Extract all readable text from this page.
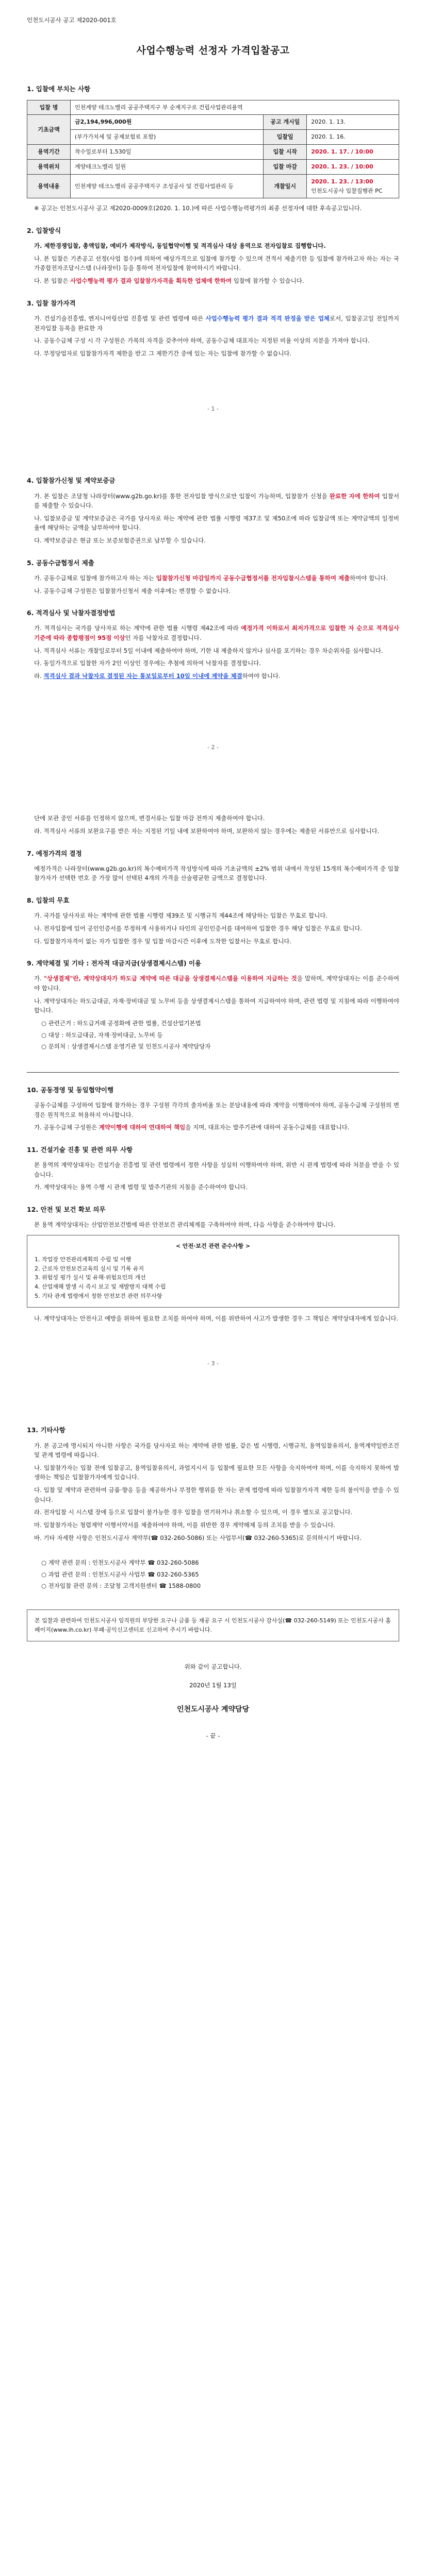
인천도시공사 공고 제2020-001호
사업수행능력 선정자 가격입찰공고
1. 입찰에 부치는 사항
입찰 명	인천계양 테크노밸리 공공주택지구 부 순계지구로 건립사업관리용역		
기초금액	금2,194,996,000원	공고 개시일	2020. 1. 13.
	(부가가치세 및 공제보험료 포함)	입찰일	2020. 1. 16.
용역기간	착수일로부터 1,530일	입찰 시작	2020. 1. 17. / 10:00
용역위치	계양테크노밸리 일원	입찰 마감	2020. 1. 23. / 10:00
용역내용	인천계양 테크노밸리 공공주택지구 조성공사 및 건립사업관리 등	개찰일시	2020. 1. 23. / 13:00
인천도시공사 입찰집행관 PC
※ 공고는 인천도시공사 공고 제2020-0009호(2020. 1. 10.)에 따른 사업수행능력평가의 최종 선정자에 대한 후속공고입니다.
2. 입찰방식
가. 제한경쟁입찰, 총액입찰, 예비가 제작방식, 동일협약이행 및 적격심사 대상 용역으로 전자입찰로 집행합니다.
나. 본 입찰은 기존공고 선정(사업 접수)에 의하여 예상가격으로 입찰에 참가할 수 있으며 견적서 제출기한 등 입찰에 참가하고자 하는 자는 국가종합전자조달시스템 (나라장터) 등을 통하여 전자입찰에 참여하시기 바랍니다.
다. 본 입찰은 사업수행능력 평가 결과 입찰참가자격을 획득한 업체에 한하여 입찰에 참가할 수 있습니다.
3. 입찰 참가자격
가. 건설기술진흥법, 엔지니어링산업 진흥법 및 관련 법령에 따른 사업수행능력 평가 결과 적격 판정을 받은 업체로서, 입찰공고일 전일까지 전자입찰 등록을 완료한 자
나. 공동수급체 구성 시 각 구성원은 가목의 자격을 갖추어야 하며, 공동수급체 대표자는 지정된 비율 이상의 지분을 가져야 합니다.
다. 부정당업자로 입찰참가자격 제한을 받고 그 제한기간 중에 있는 자는 입찰에 참가할 수 없습니다.
- 1 -
4. 입찰참가신청 및 계약보증금
가. 본 입찰은 조달청 나라장터(www.g2b.go.kr)를 통한 전자입찰 방식으로만 입찰이 가능하며, 입찰참가 신청을 완료한 자에 한하여 입찰서를 제출할 수 있습니다.
나. 입찰보증금 및 계약보증금은 국가를 당사자로 하는 계약에 관한 법률 시행령 제37조 및 제50조에 따라 입찰금액 또는 계약금액의 일정비율에 해당하는 금액을 납부하여야 합니다.
다. 계약보증금은 현금 또는 보증보험증권으로 납부할 수 있습니다.
5. 공동수급협정서 제출
가. 공동수급체로 입찰에 참가하고자 하는 자는 입찰참가신청 마감일까지 공동수급협정서를 전자입찰시스템을 통하여 제출하여야 합니다.
나. 공동수급체 구성원은 입찰참가신청서 제출 이후에는 변경할 수 없습니다.
6. 적격심사 및 낙찰자결정방법
가. 적격심사는 국가를 당사자로 하는 계약에 관한 법률 시행령 제42조에 따라 예정가격 이하로서 최저가격으로 입찰한 자 순으로 적격심사 기준에 따라 종합평점이 95점 이상인 자를 낙찰자로 결정합니다.
나. 적격심사 서류는 개찰일로부터 5일 이내에 제출하여야 하며, 기한 내 제출하지 않거나 심사를 포기하는 경우 차순위자를 심사합니다.
다. 동일가격으로 입찰한 자가 2인 이상인 경우에는 추첨에 의하여 낙찰자를 결정합니다.
라. 적격심사 결과 낙찰자로 결정된 자는 통보일로부터 10일 이내에 계약을 체결하여야 합니다.
- 2 -
단에 보관 중인 서류를 인정하지 않으며, 변경서류는 입찰 마감 전까지 제출하여야 합니다.
라. 적격심사 서류의 보완요구를 받은 자는 지정된 기일 내에 보완하여야 하며, 보완하지 않는 경우에는 제출된 서류만으로 심사합니다.
7. 예정가격의 결정
예정가격은 나라장터(www.g2b.go.kr)의 복수예비가격 작성방식에 따라 기초금액의 ±2% 범위 내에서 작성된 15개의 복수예비가격 중 입찰참가자가 선택한 번호 중 가장 많이 선택된 4개의 가격을 산술평균한 금액으로 결정합니다.
8. 입찰의 무효
가. 국가를 당사자로 하는 계약에 관한 법률 시행령 제39조 및 시행규칙 제44조에 해당하는 입찰은 무효로 합니다.
나. 전자입찰에 있어 공인인증서를 부정하게 사용하거나 타인의 공인인증서를 대여하여 입찰한 경우 해당 입찰은 무효로 합니다.
다. 입찰참가자격이 없는 자가 입찰한 경우 및 입찰 마감시간 이후에 도착한 입찰서는 무효로 합니다.
9. 계약체결 및 기타 : 전자적 대금지급(상생결제시스템) 이용
가. "상생결제"란, 계약상대자가 하도급 계약에 따른 대금을 상생결제시스템을 이용하여 지급하는 것을 말하며, 계약상대자는 이를 준수하여야 합니다.
나. 계약상대자는 하도급대금, 자재·장비대금 및 노무비 등을 상생결제시스템을 통하여 지급하여야 하며, 관련 법령 및 지침에 따라 이행하여야 합니다.
○ 관련근거 : 하도급거래 공정화에 관한 법률, 건설산업기본법
○ 대상 : 하도급대금, 자재·장비대금, 노무비 등
○ 문의처 : 상생결제시스템 운영기관 및 인천도시공사 계약담당자
10. 공동경영 및 동일협약이행
공동수급체를 구성하여 입찰에 참가하는 경우 구성원 각각의 출자비율 또는 분담내용에 따라 계약을 이행하여야 하며, 공동수급체 구성원의 변경은 원칙적으로 허용하지 아니합니다.
가. 공동수급체 구성원은 계약이행에 대하여 연대하여 책임을 지며, 대표자는 발주기관에 대하여 공동수급체를 대표합니다.
11. 건설기술 진흥 및 관련 의무 사항
본 용역의 계약상대자는 건설기술 진흥법 및 관련 법령에서 정한 사항을 성실히 이행하여야 하며, 위반 시 관계 법령에 따라 처분을 받을 수 있습니다.
가. 계약상대자는 용역 수행 시 관계 법령 및 발주기관의 지침을 준수하여야 합니다.
12. 안전 및 보건 확보 의무
본 용역 계약상대자는 산업안전보건법에 따른 안전보건 관리체계를 구축하여야 하며, 다음 사항을 준수하여야 합니다.
< 안전·보건 관련 준수사항 >
1. 작업장 안전관리계획의 수립 및 이행
2. 근로자 안전보건교육의 실시 및 기록 유지
3. 위험성 평가 실시 및 유해·위험요인의 개선
4. 산업재해 발생 시 즉시 보고 및 재발방지 대책 수립
5. 기타 관계 법령에서 정한 안전보건 관련 의무사항
나. 계약상대자는 안전사고 예방을 위하여 필요한 조치를 하여야 하며, 이를 위반하여 사고가 발생한 경우 그 책임은 계약상대자에게 있습니다.
- 3 -
13. 기타사항
가. 본 공고에 명시되지 아니한 사항은 국가를 당사자로 하는 계약에 관한 법률, 같은 법 시행령, 시행규칙, 용역입찰유의서, 용역계약일반조건 및 관계 법령에 따릅니다.
나. 입찰참가자는 입찰 전에 입찰공고, 용역입찰유의서, 과업지시서 등 입찰에 필요한 모든 사항을 숙지하여야 하며, 이를 숙지하지 못하여 발생하는 책임은 입찰참가자에게 있습니다.
다. 입찰 및 계약과 관련하여 금품·향응 등을 제공하거나 부정한 행위를 한 자는 관계 법령에 따라 입찰참가자격 제한 등의 불이익을 받을 수 있습니다.
라. 전자입찰 시 시스템 장애 등으로 입찰이 불가능한 경우 입찰을 연기하거나 취소할 수 있으며, 이 경우 별도로 공고합니다.
마. 입찰참가자는 청렴계약 이행서약서를 제출하여야 하며, 이를 위반한 경우 계약해제 등의 조치를 받을 수 있습니다.
바. 기타 자세한 사항은 인천도시공사 계약부(☎ 032-260-5086) 또는 사업부서(☎ 032-260-5365)로 문의하시기 바랍니다.
○ 계약 관련 문의 : 인천도시공사 계약부 ☎ 032-260-5086
○ 과업 관련 문의 : 인천도시공사 사업부 ☎ 032-260-5365
○ 전자입찰 관련 문의 : 조달청 고객지원센터 ☎ 1588-0800
본 입찰과 관련하여 인천도시공사 임직원의 부당한 요구나 금품 등 제공 요구 시 인천도시공사 감사실(☎ 032-260-5149) 또는 인천도시공사 홈페이지(www.ih.co.kr) 부패·공익신고센터로 신고하여 주시기 바랍니다.
위와 같이 공고합니다.
2020년 1월 13일
인천도시공사 계약담당
- 끝 -
